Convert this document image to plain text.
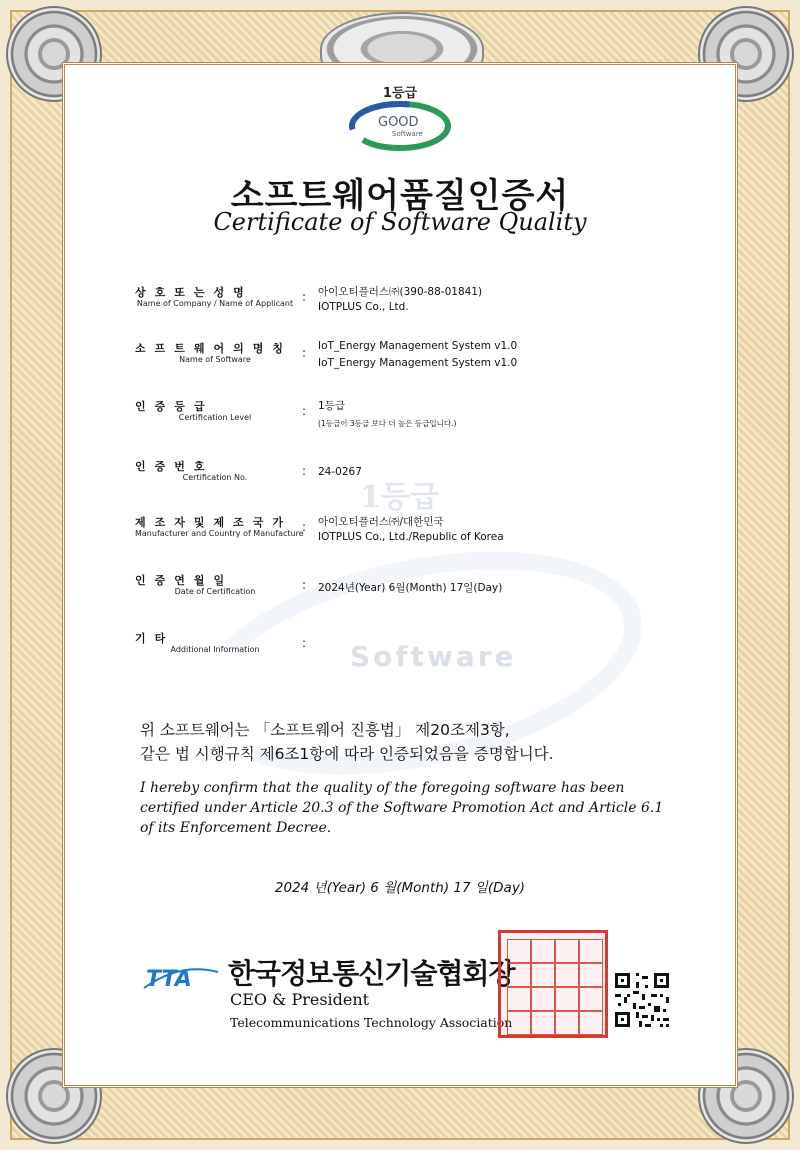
1등급
Software
1등급
GOOD
Software
소프트웨어품질인증서
Certificate of Software Quality
상호또는성명
Name of Company / Name of Applicant : 아이오티플러스㈜(390-88-01841)
IOTPLUS Co., Ltd.
소프트웨어의명칭
Name of Software	: IoT_Energy Management System v1.0
IoT_Energy Management System v1.0
인증등급
Certification Level	: 1등급
(1등급이 3등급 보다 더 높은 등급입니다.)
인증번호
Certification No.	: 24-0267
제조자및제조국가
Manufacturer and Country of Manufacture
: 아이오티플러스㈜/대한민국
IOTPLUS Co., Ltd./Republic of Korea
인증연월일
Date of Certification	: 2024년(Year) 6월(Month) 17일(Day)
기타
Additional Information	:
위 소프트웨어는 「소프트웨어 진흥법」 제20조제3항,
같은 법 시행규칙 제6조1항에 따라 인증되었음을 증명합니다.
I hereby confirm that the quality of the foregoing software has been certified under Article 20.3 of the Software Promotion Act and Article 6.1 of its Enforcement Decree.
2024 년(Year) 6 월(Month) 17 일(Day)
TTA 한국정보통신기술협회장
CEO & President
Telecommunications Technology Association
